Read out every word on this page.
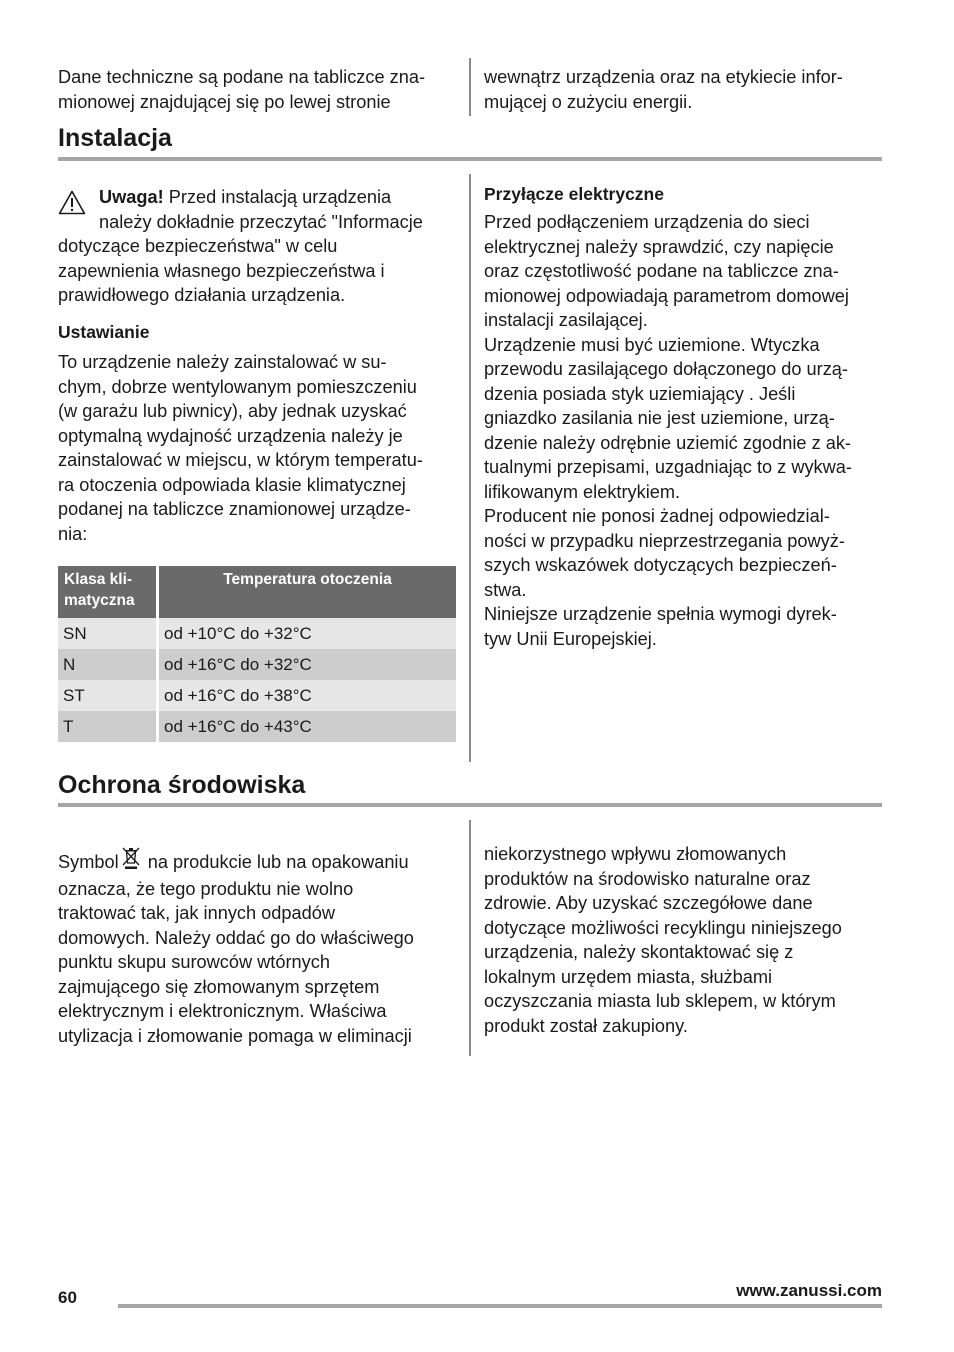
Dane techniczne są podane na tabliczce zna-
mionowej znajdującej się po lewej stronie

wewnątrz urządzenia oraz na etykiecie infor-
mującej o zużyciu energii.

Instalacja

Uwaga! Przed instalacją urządzenia
należy dokładnie przeczytać "Informacje

dotyczące bezpieczeństwa" w celu
zapewnienia własnego bezpieczeństwa i
prawidłowego działania urządzenia.

Ustawianie

To urządzenie należy zainstalować w su-
chym, dobrze wentylowanym pomieszczeniu
(w garażu lub piwnicy), aby jednak uzyskać
optymalną wydajność urządzenia należy je
zainstalować w miejscu, w którym temperatu-
ra otoczenia odpowiada klasie klimatycznej
podanej na tabliczce znamionowej urządze-
nia:

Klasa kli-
matyczna	Temperatura otoczenia
SN	od +10°C do +32°C
N	od +16°C do +32°C
ST	od +16°C do +38°C
T	od +16°C do +43°C
Przyłącze elektryczne

Przed podłączeniem urządzenia do sieci
elektrycznej należy sprawdzić, czy napięcie
oraz częstotliwość podane na tabliczce zna-
mionowej odpowiadają parametrom domowej
instalacji zasilającej.
Urządzenie musi być uziemione. Wtyczka
przewodu zasilającego dołączonego do urzą-
dzenia posiada styk uziemiający . Jeśli
gniazdko zasilania nie jest uziemione, urzą-
dzenie należy odrębnie uziemić zgodnie z ak-
tualnymi przepisami, uzgadniając to z wykwa-
lifikowanym elektrykiem.
Producent nie ponosi żadnej odpowiedzial-
ności w przypadku nieprzestrzegania powyż-
szych wskazówek dotyczących bezpieczeń-
stwa.
Niniejsze urządzenie spełnia wymogi dyrek-
tyw Unii Europejskiej.

Ochrona środowiska

Symbol na produkcie lub na opakowaniu

oznacza, że tego produktu nie wolno
traktować tak, jak innych odpadów
domowych. Należy oddać go do właściwego
punktu skupu surowców wtórnych
zajmującego się złomowanym sprzętem
elektrycznym i elektronicznym. Właściwa
utylizacja i złomowanie pomaga w eliminacji

niekorzystnego wpływu złomowanych
produktów na środowisko naturalne oraz
zdrowie. Aby uzyskać szczegółowe dane
dotyczące możliwości recyklingu niniejszego
urządzenia, należy skontaktować się z
lokalnym urzędem miasta, służbami
oczyszczania miasta lub sklepem, w którym
produkt został zakupiony.

60	www.zanussi.com
